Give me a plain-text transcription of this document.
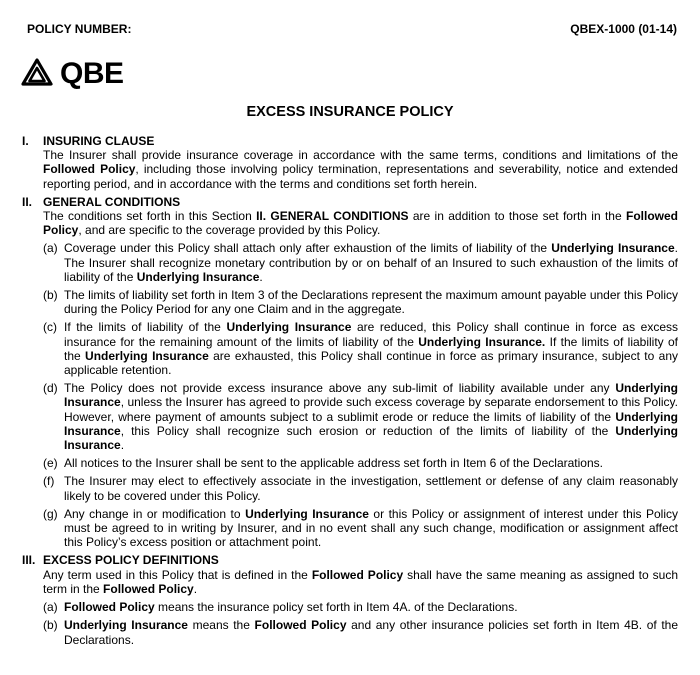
POLICY NUMBER:	QBEX-1000 (01-14)
QBE
EXCESS INSURANCE POLICY
I.	INSURING CLAUSE
The Insurer shall provide insurance coverage in accordance with the same terms, conditions and limitations of the Followed Policy, including those involving policy termination, representations and severability, notice and extended reporting period, and in accordance with the terms and conditions set forth herein.
II. GENERAL CONDITIONS
The conditions set forth in this Section II. GENERAL CONDITIONS are in addition to those set forth in the Followed Policy, and are specific to the coverage provided by this Policy.
(a) Coverage under this Policy shall attach only after exhaustion of the limits of liability of the Underlying Insurance. The Insurer shall recognize monetary contribution by or on behalf of an Insured to such exhaustion of the limits of liability of the Underlying Insurance.
(b) The limits of liability set forth in Item 3 of the Declarations represent the maximum amount payable under this Policy during the Policy Period for any one Claim and in the aggregate.
(c) If the limits of liability of the Underlying Insurance are reduced, this Policy shall continue in force as excess insurance for the remaining amount of the limits of liability of the Underlying Insurance. If the limits of liability of the Underlying Insurance are exhausted, this Policy shall continue in force as primary insurance, subject to any applicable retention.
(d) The Policy does not provide excess insurance above any sub-limit of liability available under any Underlying Insurance, unless the Insurer has agreed to provide such excess coverage by separate endorsement to this Policy. However, where payment of amounts subject to a sublimit erode or reduce the limits of liability of the Underlying Insurance, this Policy shall recognize such erosion or reduction of the limits of liability of the Underlying Insurance.
(e) All notices to the Insurer shall be sent to the applicable address set forth in Item 6 of the Declarations.
(f) The Insurer may elect to effectively associate in the investigation, settlement or defense of any claim reasonably likely to be covered under this Policy.
(g) Any change in or modification to Underlying Insurance or this Policy or assignment of interest under this Policy must be agreed to in writing by Insurer, and in no event shall any such change, modification or assignment affect this Policy’s excess position or attachment point.
III. EXCESS POLICY DEFINITIONS
Any term used in this Policy that is defined in the Followed Policy shall have the same meaning as assigned to such term in the Followed Policy.
(a) Followed Policy means the insurance policy set forth in Item 4A. of the Declarations.
(b) Underlying Insurance means the Followed Policy and any other insurance policies set forth in Item 4B. of the Declarations.
